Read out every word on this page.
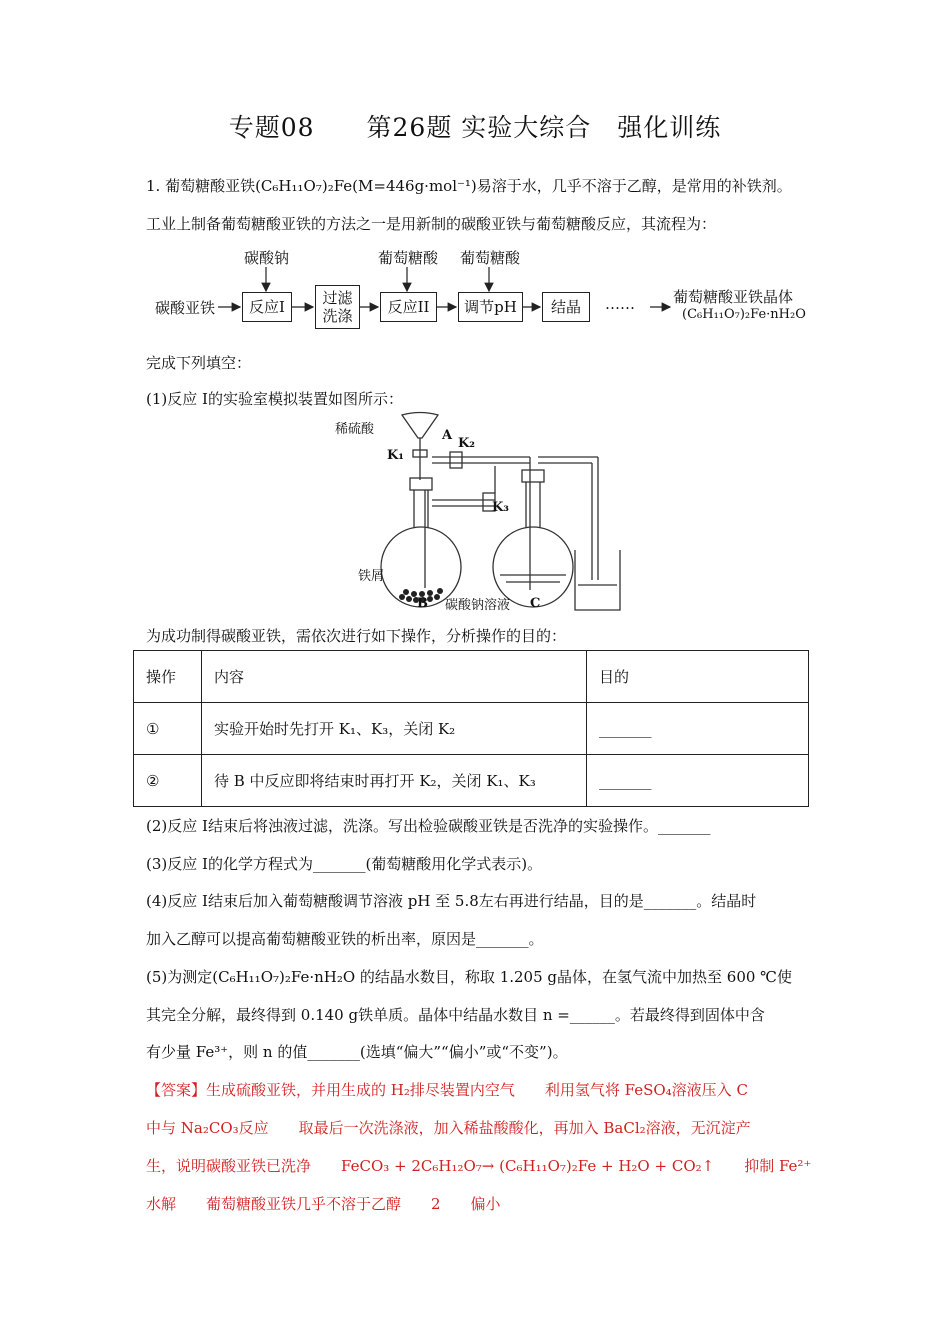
专题08　　第26题 实验大综合　强化训练
1. 葡萄糖酸亚铁(C₆H₁₁O₇)₂Fe(M=446g·mol⁻¹)易溶于水，几乎不溶于乙醇，是常用的补铁剂。
工业上制备葡萄糖酸亚铁的方法之一是用新制的碳酸亚铁与葡萄糖酸反应，其流程为：
碳酸亚铁
碳酸钠
反应I	过滤
洗涤
葡萄糖酸
反应II
葡萄糖酸
调节pH	结晶	……	葡萄糖酸亚铁晶体
(C₆H₁₁O₇)₂Fe·nH₂O
完成下列填空：
(1)反应 I的实验室模拟装置如图所示：
稀硫酸	A
K₁
K₂
K₃
铁屑
B 碳酸钠溶液 C
为成功制得碳酸亚铁，需依次进行如下操作，分析操作的目的：
操作	内容	目的
①	实验开始时先打开 K₁、K₃，关闭 K₂	_______
②	待 B 中反应即将结束时再打开 K₂，关闭 K₁、K₃	_______
(2)反应 I结束后将浊液过滤，洗涤。写出检验碳酸亚铁是否洗净的实验操作。_______
(3)反应 I的化学方程式为_______(葡萄糖酸用化学式表示)。
(4)反应 I结束后加入葡萄糖酸调节溶液 pH 至 5.8左右再进行结晶，目的是_______。结晶时
加入乙醇可以提高葡萄糖酸亚铁的析出率，原因是_______。
(5)为测定(C₆H₁₁O₇)₂Fe·nH₂O 的结晶水数目，称取 1.205 g晶体，在氢气流中加热至 600 ℃使
其完全分解，最终得到 0.140 g铁单质。晶体中结晶水数目 n =______。若最终得到固体中含
有少量 Fe³⁺，则 n 的值_______(选填“偏大”“偏小”或“不变”)。
【答案】生成硫酸亚铁，并用生成的 H₂排尽装置内空气　　利用氢气将 FeSO₄溶液压入 C
中与 Na₂CO₃反应　　取最后一次洗涤液，加入稀盐酸酸化，再加入 BaCl₂溶液，无沉淀产
生，说明碳酸亚铁已洗净　　FeCO₃ + 2C₆H₁₂O₇→ (C₆H₁₁O₇)₂Fe + H₂O + CO₂↑　　抑制 Fe²⁺
水解　　葡萄糖酸亚铁几乎不溶于乙醇　　2　　偏小
